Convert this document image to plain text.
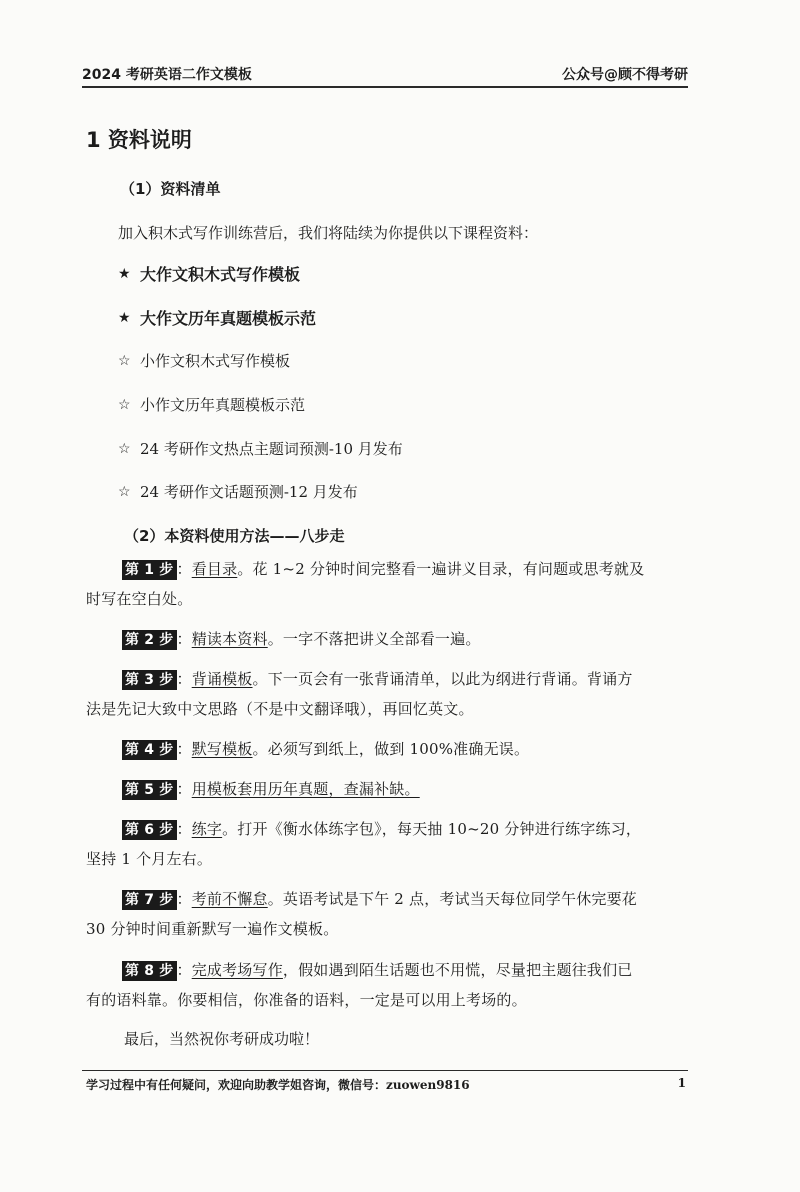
2024 考研英语二作文模板	公众号@顾不得考研
1 资料说明
（1）资料清单
加入积木式写作训练营后，我们将陆续为你提供以下课程资料：
★ 大作文积木式写作模板
★ 大作文历年真题模板示范
☆ 小作文积木式写作模板
☆ 小作文历年真题模板示范
☆ 24 考研作文热点主题词预测-10 月发布
☆ 24 考研作文话题预测-12 月发布
（2）本资料使用方法——八步走
第 1 步 ：看目录。花 1~2 分钟时间完整看一遍讲义目录，有问题或思考就及
时写在空白处。
第 2 步 ：精读本资料。一字不落把讲义全部看一遍。
第 3 步 ：背诵模板。下一页会有一张背诵清单，以此为纲进行背诵。背诵方
法是先记大致中文思路（不是中文翻译哦），再回忆英文。
第 4 步 ：默写模板。必须写到纸上，做到 100%准确无误。
第 5 步 ：用模板套用历年真题，查漏补缺。
第 6 步 ：练字。打开《衡水体练字包》，每天抽 10~20 分钟进行练字练习，
坚持 1 个月左右。
第 7 步 ：考前不懈怠。英语考试是下午 2 点，考试当天每位同学午休完要花
30 分钟时间重新默写一遍作文模板。
第 8 步 ：完成考场写作，假如遇到陌生话题也不用慌，尽量把主题往我们已
有的语料靠。你要相信，你准备的语料，一定是可以用上考场的。
最后，当然祝你考研成功啦！
学习过程中有任何疑问，欢迎向助教学姐咨询，微信号：zuowen9816	1
